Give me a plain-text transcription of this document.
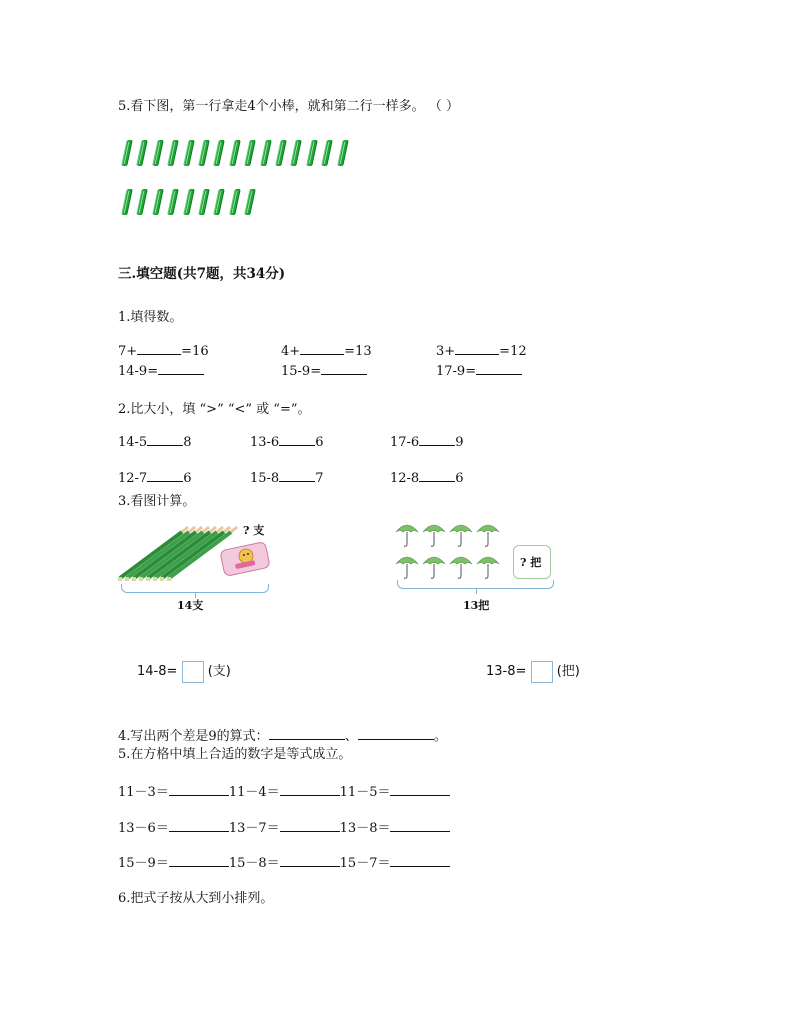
5.看下图，第一行拿走4个小棒，就和第二行一样多。 （ ）
三.填空题(共7题，共34分)
1.填得数。
7+	=16	4+	=13	3+	=12
14-9=	15-9=	17-9=
2.比大小，填 “>” “<” 或 “=”。
14-5	8	13-6	6	17-6	9
12-7	6	15-8	7	12-8	6
3.看图计算。
? 支
14支
? 把
13把
14-8= (支)	13-8= (把)
4.写出两个差是9的算式：	、	。
5.在方格中填上合适的数字是等式成立。
11－3＝	11－4＝	11－5＝
13－6＝	13－7＝	13－8＝
15－9＝	15－8＝	15－7＝
6.把式子按从大到小排列。
